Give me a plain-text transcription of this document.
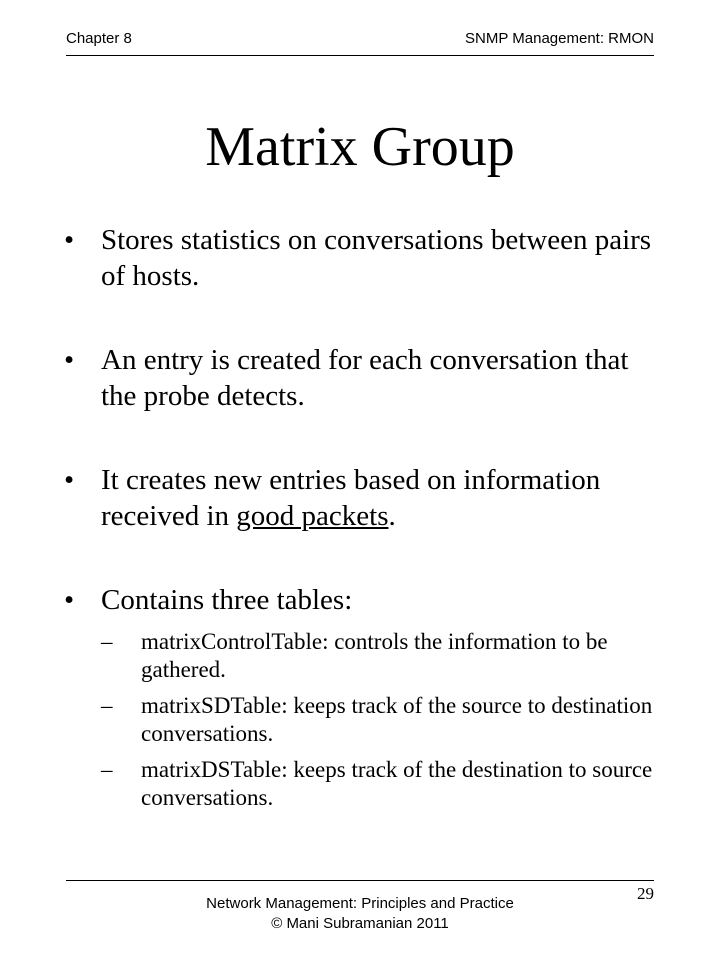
Chapter 8	SNMP Management: RMON
Matrix Group
• Stores statistics on conversations between pairs of hosts.
• An entry is created for each conversation that the probe detects.
• It creates new entries based on information received in good packets.
• Contains three tables:
– matrixControlTable: controls the information to be gathered.
– matrixSDTable: keeps track of the source to destination conversations.
– matrixDSTable: keeps track of the destination to source conversations.
Network Management: Principles and Practice
© Mani Subramanian 2011
29
